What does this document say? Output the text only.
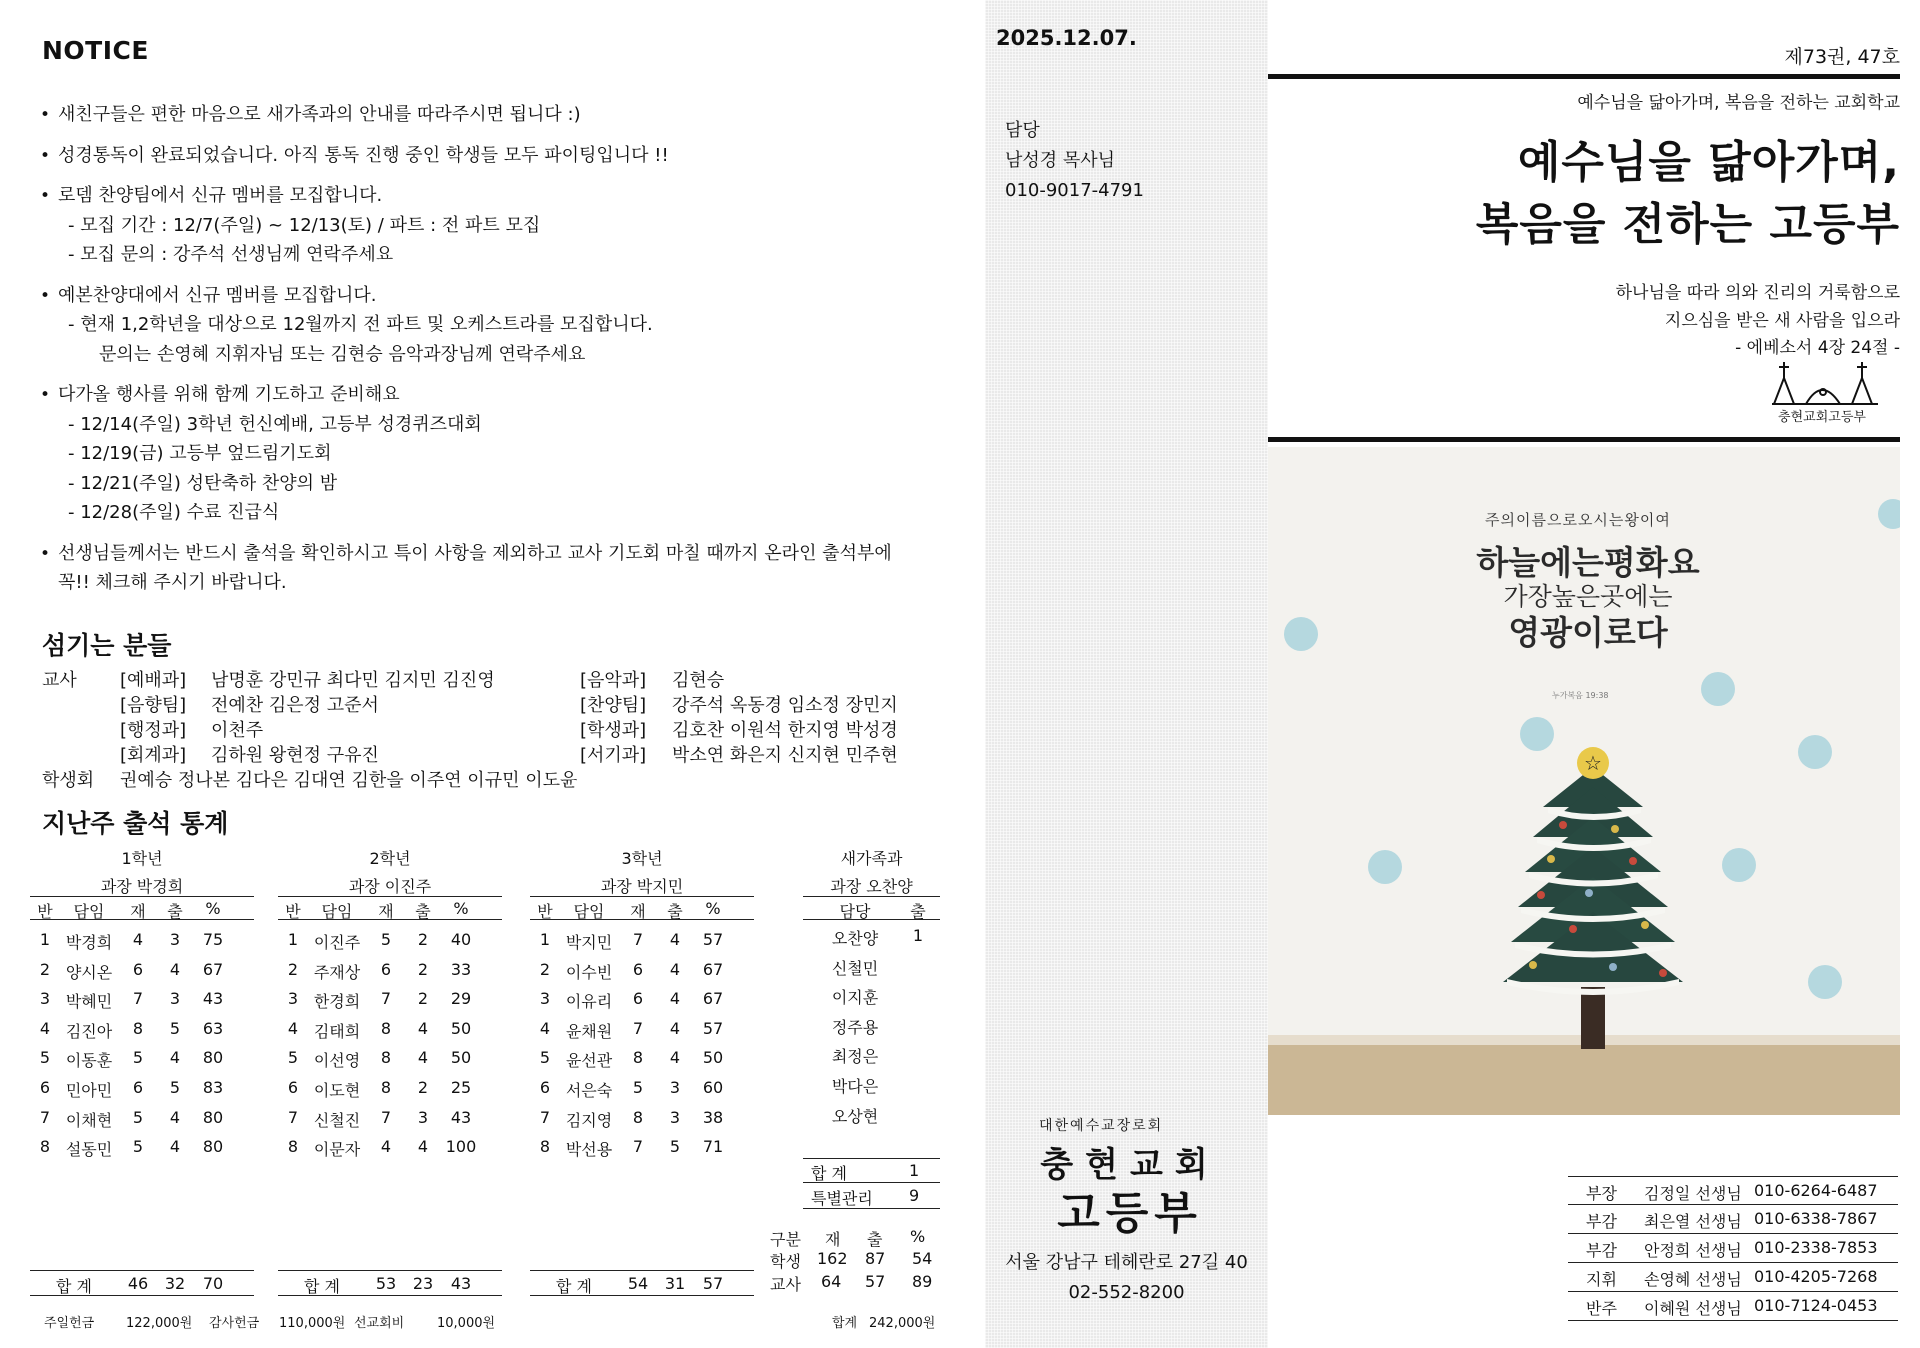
NOTICE
• 새친구들은 편한 마음으로 새가족과의 안내를 따라주시면 됩니다 :)
• 성경통독이 완료되었습니다. 아직 통독 진행 중인 학생들 모두 파이팅입니다 !!
• 로뎀 찬양팀에서 신규 멤버를 모집합니다.
- 모집 기간 : 12/7(주일) ~ 12/13(토) / 파트 : 전 파트 모집
- 모집 문의 : 강주석 선생님께 연락주세요
• 예본찬양대에서 신규 멤버를 모집합니다.
- 현재 1,2학년을 대상으로 12월까지 전 파트 및 오케스트라를 모집합니다.
문의는 손영혜 지휘자님 또는 김현승 음악과장님께 연락주세요
• 다가올 행사를 위해 함께 기도하고 준비해요
- 12/14(주일) 3학년 헌신예배, 고등부 성경퀴즈대회
- 12/19(금) 고등부 엎드림기도회
- 12/21(주일) 성탄축하 찬양의 밤
- 12/28(주일) 수료 진급식
• 선생님들께서는 반드시 출석을 확인하시고 특이 사항을 제외하고 교사 기도회 마칠 때까지 온라인 출석부에
꼭!! 체크해 주시기 바랍니다.
섬기는 분들
교사 [예배과] 남명훈 강민규 최다민 김지민 김진영	[음악과] 김현승
[음향팀] 전예찬 김은정 고준서	[찬양팀] 강주석 옥동경 임소정 장민지
[행정과] 이천주	[학생과] 김호찬 이원석 한지영 박성경
[회계과] 김하원 왕현정 구유진	[서기과] 박소연 화은지 신지현 민주현
학생회 권예승 정나본 김다은 김대연 김한을 이주연 이규민 이도윤
지난주 출석 통계
1학년
과장 박경희
반	담임	재	출	%
1 박경희	4	3	75
2 양시온	6	4	67
3 박혜민	7	3	43
4 김진아	8	5	63
5 이동훈	5	4	80
6 민아민	6	5	83
7 이채현	5	4	80
8 설동민	5	4	80
합 계	46	32	70
2학년
과장 이진주
반	담임	재	출	%
1 이진주	5	2	40
2 주재상	6	2	33
3 한경희	7	2	29
4 김태희	8	4	50
5 이선영	8	4	50
6 이도현	8	2	25
7 신철진	7	3	43
8 이문자	4	4	100
합 계	53	23	43
3학년
과장 박지민
반	담임	재	출	%
1 박지민	7	4	57
2 이수빈	6	4	67
3 이유리	6	4	67
4 윤채원	7	4	57
5 윤선관	8	4	50
6 서은숙	5	3	60
7 김지영	8	3	38
8 박선용	7	5	71
합 계	54	31	57
새가족과
과장 오찬양
담당	출
오찬양	1
신철민
이지훈
정주용
최정은
박다은
오상현
합 계	1
특별관리 9
구분 재 출 %
학생 162 87 54
교사 64 57 89
주일헌금 122,000원 감사헌금 110,000원 선교회비	10,000원	합계 242,000원
2025.12.07.
담당
남성경 목사님
010-9017-4791
대한예수교장로회
충현교회
고등부
서울 강남구 테헤란로 27길 40
02-552-8200
제73권, 47호
예수님을 닮아가며, 복음을 전하는 교회학교
예수님을 닮아가며,
복음을 전하는 고등부
하나님을 따라 의와 진리의 거룩함으로
지으심을 받은 새 사람을 입으라
- 에베소서 4장 24절 -
충현교회고등부
주의이름으로오시는왕이여
하늘에는평화요
가장높은곳에는
영광이로다
누가복음 19:38
☆
부장 김정일 선생님 010-6264-6487
부감 최은열 선생님 010-6338-7867
부감 안정희 선생님 010-2338-7853
지휘 손영혜 선생님 010-4205-7268
반주 이혜원 선생님 010-7124-0453
